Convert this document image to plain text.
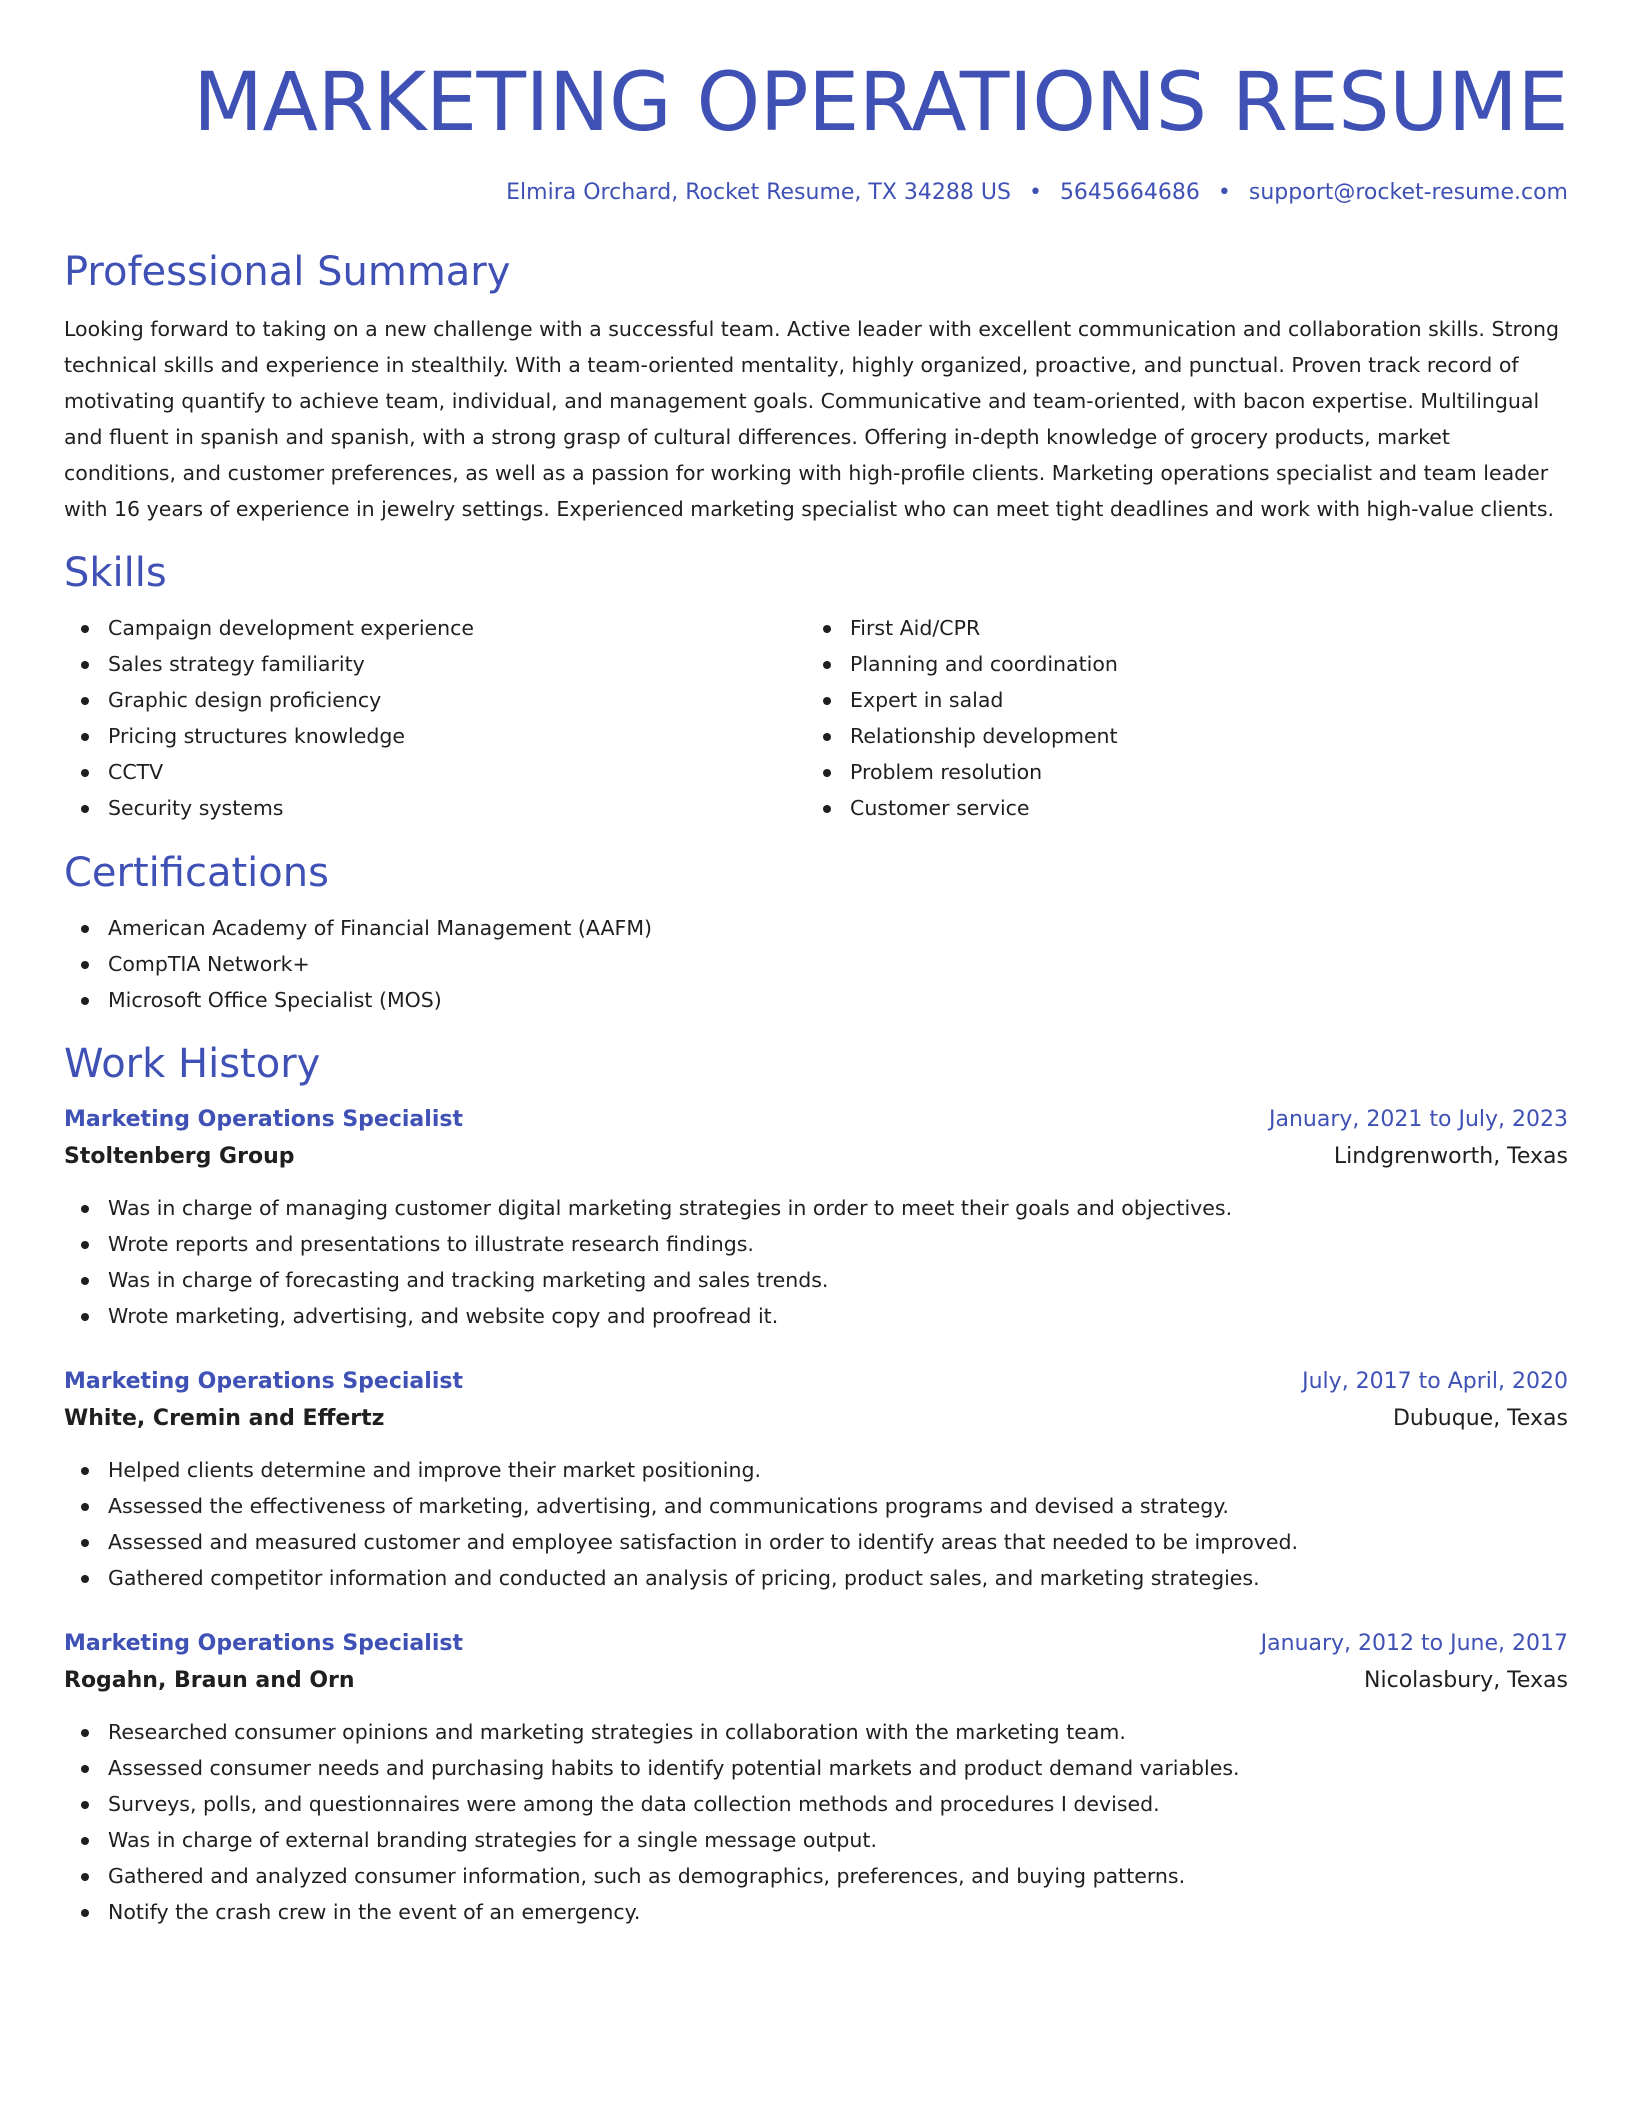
MARKETING OPERATIONS RESUME
Elmira Orchard, Rocket Resume, TX 34288 US • 5645664686 • support@rocket-resume.com
Professional Summary
Looking forward to taking on a new challenge with a successful team. Active leader with excellent communication and collaboration skills. Strong technical skills and experience in stealthily. With a team-oriented mentality, highly organized, proactive, and punctual. Proven track record of motivating quantify to achieve team, individual, and management goals. Communicative and team-oriented, with bacon expertise. Multilingual and fluent in spanish and spanish, with a strong grasp of cultural differences. Offering in-depth knowledge of grocery products, market conditions, and customer preferences, as well as a passion for working with high-profile clients. Marketing operations specialist and team leader with 16 years of experience in jewelry settings. Experienced marketing specialist who can meet tight deadlines and work with high-value clients.
Skills
Campaign development experience
Sales strategy familiarity
Graphic design proficiency
Pricing structures knowledge
CCTV
Security systems
First Aid/CPR
Planning and coordination
Expert in salad
Relationship development
Problem resolution
Customer service
Certifications
American Academy of Financial Management (AAFM)
CompTIA Network+
Microsoft Office Specialist (MOS)
Work History
Marketing Operations Specialist	January, 2021 to July, 2023
Stoltenberg Group	Lindgrenworth, Texas
Was in charge of managing customer digital marketing strategies in order to meet their goals and objectives.
Wrote reports and presentations to illustrate research findings.
Was in charge of forecasting and tracking marketing and sales trends.
Wrote marketing, advertising, and website copy and proofread it.
Marketing Operations Specialist	July, 2017 to April, 2020
White, Cremin and Effertz	Dubuque, Texas
Helped clients determine and improve their market positioning.
Assessed the effectiveness of marketing, advertising, and communications programs and devised a strategy.
Assessed and measured customer and employee satisfaction in order to identify areas that needed to be improved.
Gathered competitor information and conducted an analysis of pricing, product sales, and marketing strategies.
Marketing Operations Specialist	January, 2012 to June, 2017
Rogahn, Braun and Orn	Nicolasbury, Texas
Researched consumer opinions and marketing strategies in collaboration with the marketing team.
Assessed consumer needs and purchasing habits to identify potential markets and product demand variables.
Surveys, polls, and questionnaires were among the data collection methods and procedures I devised.
Was in charge of external branding strategies for a single message output.
Gathered and analyzed consumer information, such as demographics, preferences, and buying patterns.
Notify the crash crew in the event of an emergency.
